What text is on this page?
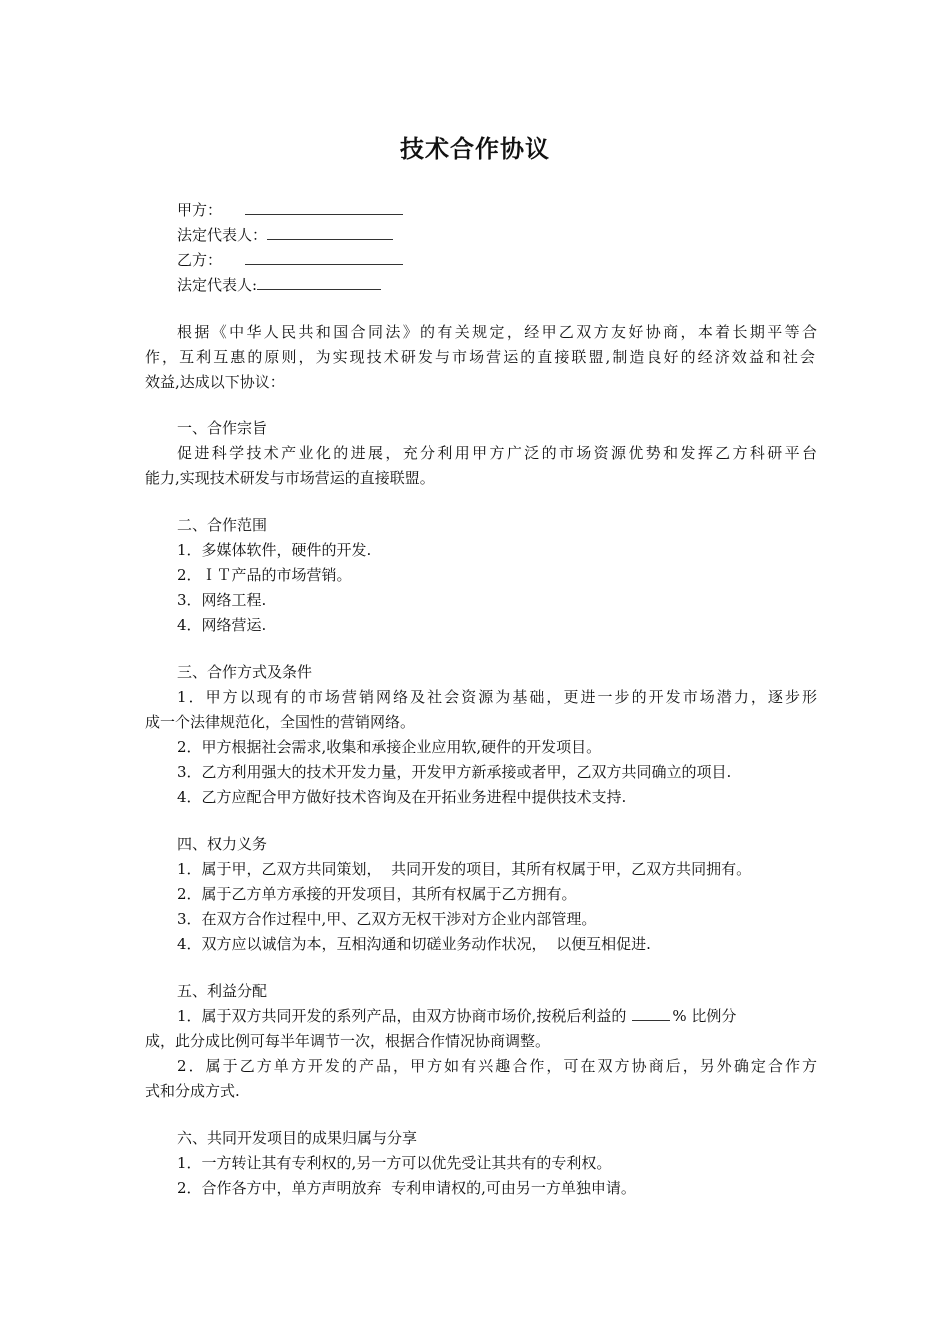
技术合作协议
甲方：
法定代表人：
乙方：
法定代表人:
根据《中华人民共和国合同法》的有关规定，经甲乙双方友好协商，本着长期平等合
作，互利互惠的原则，为实现技术研发与市场营运的直接联盟,制造良好的经济效益和社会
效益,达成以下协议：
一、合作宗旨
促进科学技术产业化的进展，充分利用甲方广泛的市场资源优势和发挥乙方科研平台
能力,实现技术研发与市场营运的直接联盟。
二、合作范围
1．多媒体软件，硬件的开发.
2．ＩＴ产品的市场营销。
3．网络工程.
4．网络营运.
三、合作方式及条件
1．甲方以现有的市场营销网络及社会资源为基础，更进一步的开发市场潜力，逐步形
成一个法律规范化，全国性的营销网络。
2．甲方根据社会需求,收集和承接企业应用软,硬件的开发项目。
3．乙方利用强大的技术开发力量，开发甲方新承接或者甲，乙双方共同确立的项目.
4．乙方应配合甲方做好技术咨询及在开拓业务进程中提供技术支持.
四、权力义务
1．属于甲，乙双方共同策划，  共同开发的项目，其所有权属于甲，乙双方共同拥有。
2．属于乙方单方承接的开发项目，其所有权属于乙方拥有。
3．在双方合作过程中,甲、乙双方无权干涉对方企业内部管理。
4．双方应以诚信为本，互相沟通和切磋业务动作状况，  以便互相促进.
五、利益分配
1．属于双方共同开发的系列产品，由双方协商市场价,按税后利益的	% 比例分
成，此分成比例可每半年调节一次，根据合作情况协商调整。
2．属于乙方单方开发的产品，甲方如有兴趣合作，可在双方协商后，另外确定合作方
式和分成方式.
六、共同开发项目的成果归属与分享
1．一方转让其有专利权的,另一方可以优先受让其共有的专利权。
2．合作各方中，单方声明放弃  专利申请权的,可由另一方单独申请。
